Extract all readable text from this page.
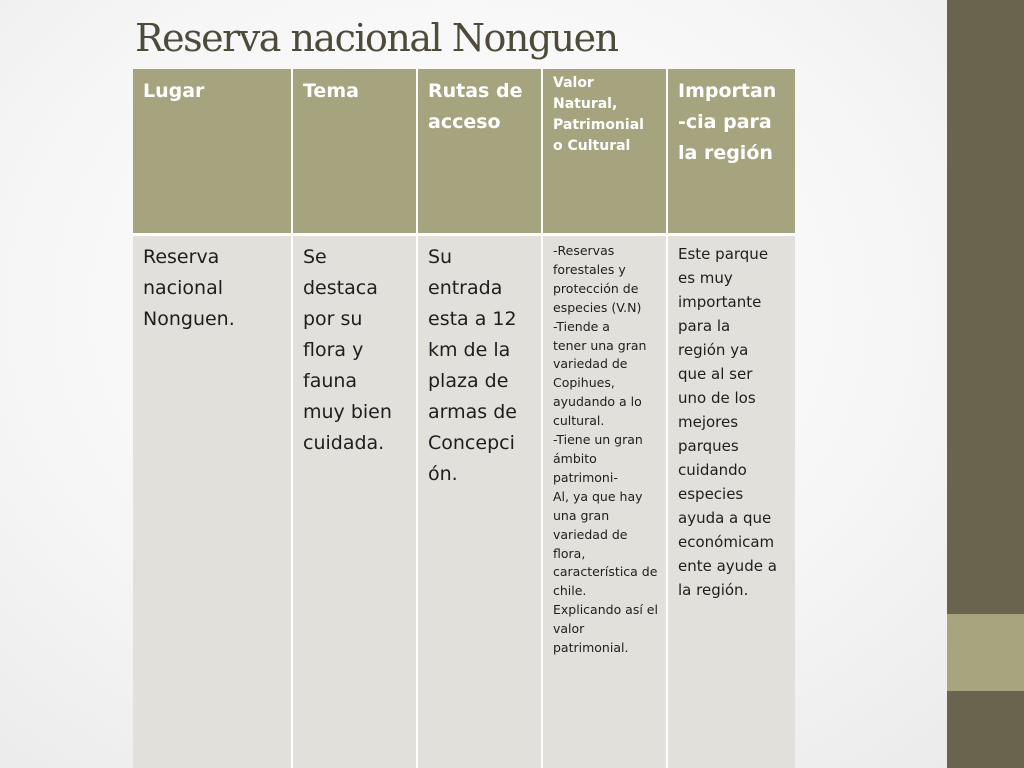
Reserva nacional Nonguen
Lugar	Tema	Rutas de
acceso
Valor
Natural,
Patrimonial
o Cultural
Importan
-cia para
la región
Reserva
nacional
Nonguen.
Se
destaca
por su
flora y
fauna
muy bien
cuidada.
Su
entrada
esta a 12
km de la
plaza de
armas de
Concepci
ón.
-Reservas
forestales y
protección de
especies (V.N)
-Tiende a
tener una gran
variedad de
Copihues,
ayudando a lo
cultural.
-Tiene un gran
ámbito
patrimoni-
Al, ya que hay
una gran
variedad de
flora,
característica de
chile.
Explicando así el
valor
patrimonial.
Este parque
es muy
importante
para la
región ya
que al ser
uno de los
mejores
parques
cuidando
especies
ayuda a que
económicam
ente ayude a
la región.
